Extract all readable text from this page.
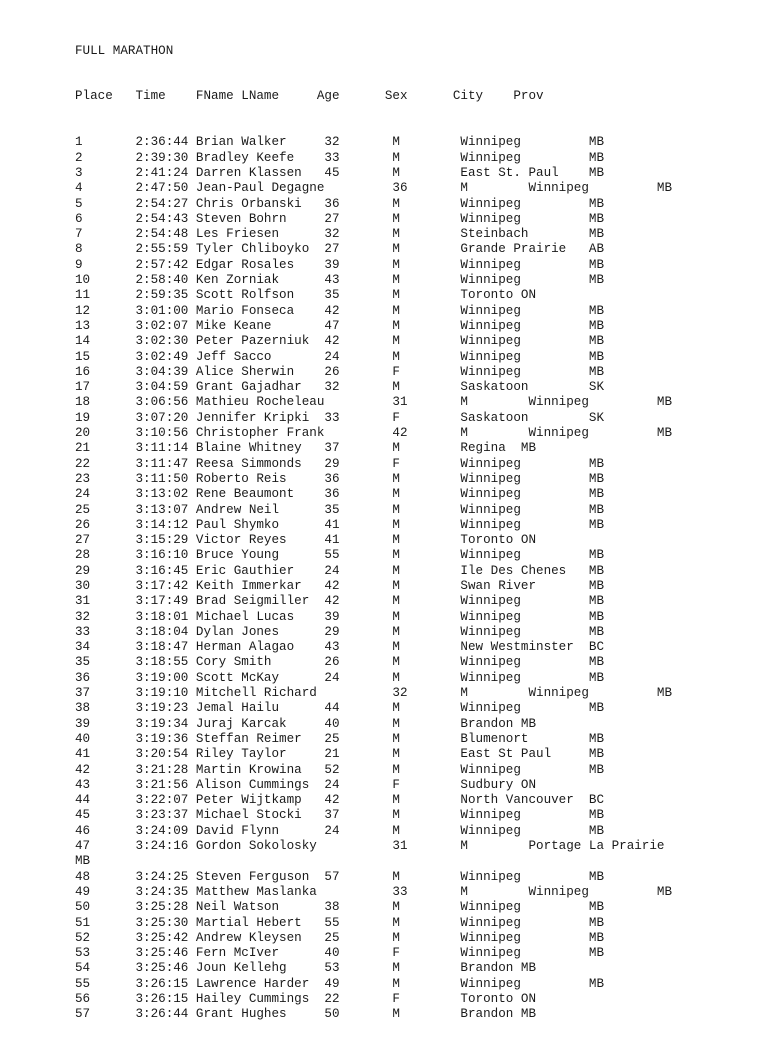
FULL MARATHON

Place   Time    FName LName     Age      Sex      City    Prov

1       2:36:44 Brian Walker     32       M        Winnipeg         MB
2       2:39:30 Bradley Keefe    33       M        Winnipeg         MB
3       2:41:24 Darren Klassen   45       M        East St. Paul    MB
4       2:47:50 Jean-Paul Degagne         36       M        Winnipeg         MB
5       2:54:27 Chris Orbanski   36       M        Winnipeg         MB
6       2:54:43 Steven Bohrn     27       M        Winnipeg         MB
7       2:54:48 Les Friesen      32       M        Steinbach        MB
8       2:55:59 Tyler Chliboyko  27       M        Grande Prairie   AB
9       2:57:42 Edgar Rosales    39       M        Winnipeg         MB
10      2:58:40 Ken Zorniak      43       M        Winnipeg         MB
11      2:59:35 Scott Rolfson    35       M        Toronto ON
12      3:01:00 Mario Fonseca    42       M        Winnipeg         MB
13      3:02:07 Mike Keane       47       M        Winnipeg         MB
14      3:02:30 Peter Pazerniuk  42       M        Winnipeg         MB
15      3:02:49 Jeff Sacco       24       M        Winnipeg         MB
16      3:04:39 Alice Sherwin    26       F        Winnipeg         MB
17      3:04:59 Grant Gajadhar   32       M        Saskatoon        SK
18      3:06:56 Mathieu Rocheleau         31       M        Winnipeg         MB
19      3:07:20 Jennifer Kripki  33       F        Saskatoon        SK
20      3:10:56 Christopher Frank         42       M        Winnipeg         MB
21      3:11:14 Blaine Whitney   37       M        Regina  MB
22      3:11:47 Reesa Simmonds   29       F        Winnipeg         MB
23      3:11:50 Roberto Reis     36       M        Winnipeg         MB
24      3:13:02 Rene Beaumont    36       M        Winnipeg         MB
25      3:13:07 Andrew Neil      35       M        Winnipeg         MB
26      3:14:12 Paul Shymko      41       M        Winnipeg         MB
27      3:15:29 Victor Reyes     41       M        Toronto ON
28      3:16:10 Bruce Young      55       M        Winnipeg         MB
29      3:16:45 Eric Gauthier    24       M        Ile Des Chenes   MB
30      3:17:42 Keith Immerkar   42       M        Swan River       MB
31      3:17:49 Brad Seigmiller  42       M        Winnipeg         MB
32      3:18:01 Michael Lucas    39       M        Winnipeg         MB
33      3:18:04 Dylan Jones      29       M        Winnipeg         MB
34      3:18:47 Herman Alagao    43       M        New Westminster  BC
35      3:18:55 Cory Smith       26       M        Winnipeg         MB
36      3:19:00 Scott McKay      24       M        Winnipeg         MB
37      3:19:10 Mitchell Richard          32       M        Winnipeg         MB
38      3:19:23 Jemal Hailu      44       M        Winnipeg         MB
39      3:19:34 Juraj Karcak     40       M        Brandon MB
40      3:19:36 Steffan Reimer   25       M        Blumenort        MB
41      3:20:54 Riley Taylor     21       M        East St Paul     MB
42      3:21:28 Martin Krowina   52       M        Winnipeg         MB
43      3:21:56 Alison Cummings  24       F        Sudbury ON
44      3:22:07 Peter Wijtkamp   42       M        North Vancouver  BC
45      3:23:37 Michael Stocki   37       M        Winnipeg         MB
46      3:24:09 David Flynn      24       M        Winnipeg         MB
47      3:24:16 Gordon Sokolosky          31       M        Portage La Prairie
MB
48      3:24:25 Steven Ferguson  57       M        Winnipeg         MB
49      3:24:35 Matthew Maslanka          33       M        Winnipeg         MB
50      3:25:28 Neil Watson      38       M        Winnipeg         MB
51      3:25:30 Martial Hebert   55       M        Winnipeg         MB
52      3:25:42 Andrew Kleysen   25       M        Winnipeg         MB
53      3:25:46 Fern McIver      40       F        Winnipeg         MB
54      3:25:46 Joun Kellehg     53       M        Brandon MB
55      3:26:15 Lawrence Harder  49       M        Winnipeg         MB
56      3:26:15 Hailey Cummings  22       F        Toronto ON
57      3:26:44 Grant Hughes     50       M        Brandon MB
